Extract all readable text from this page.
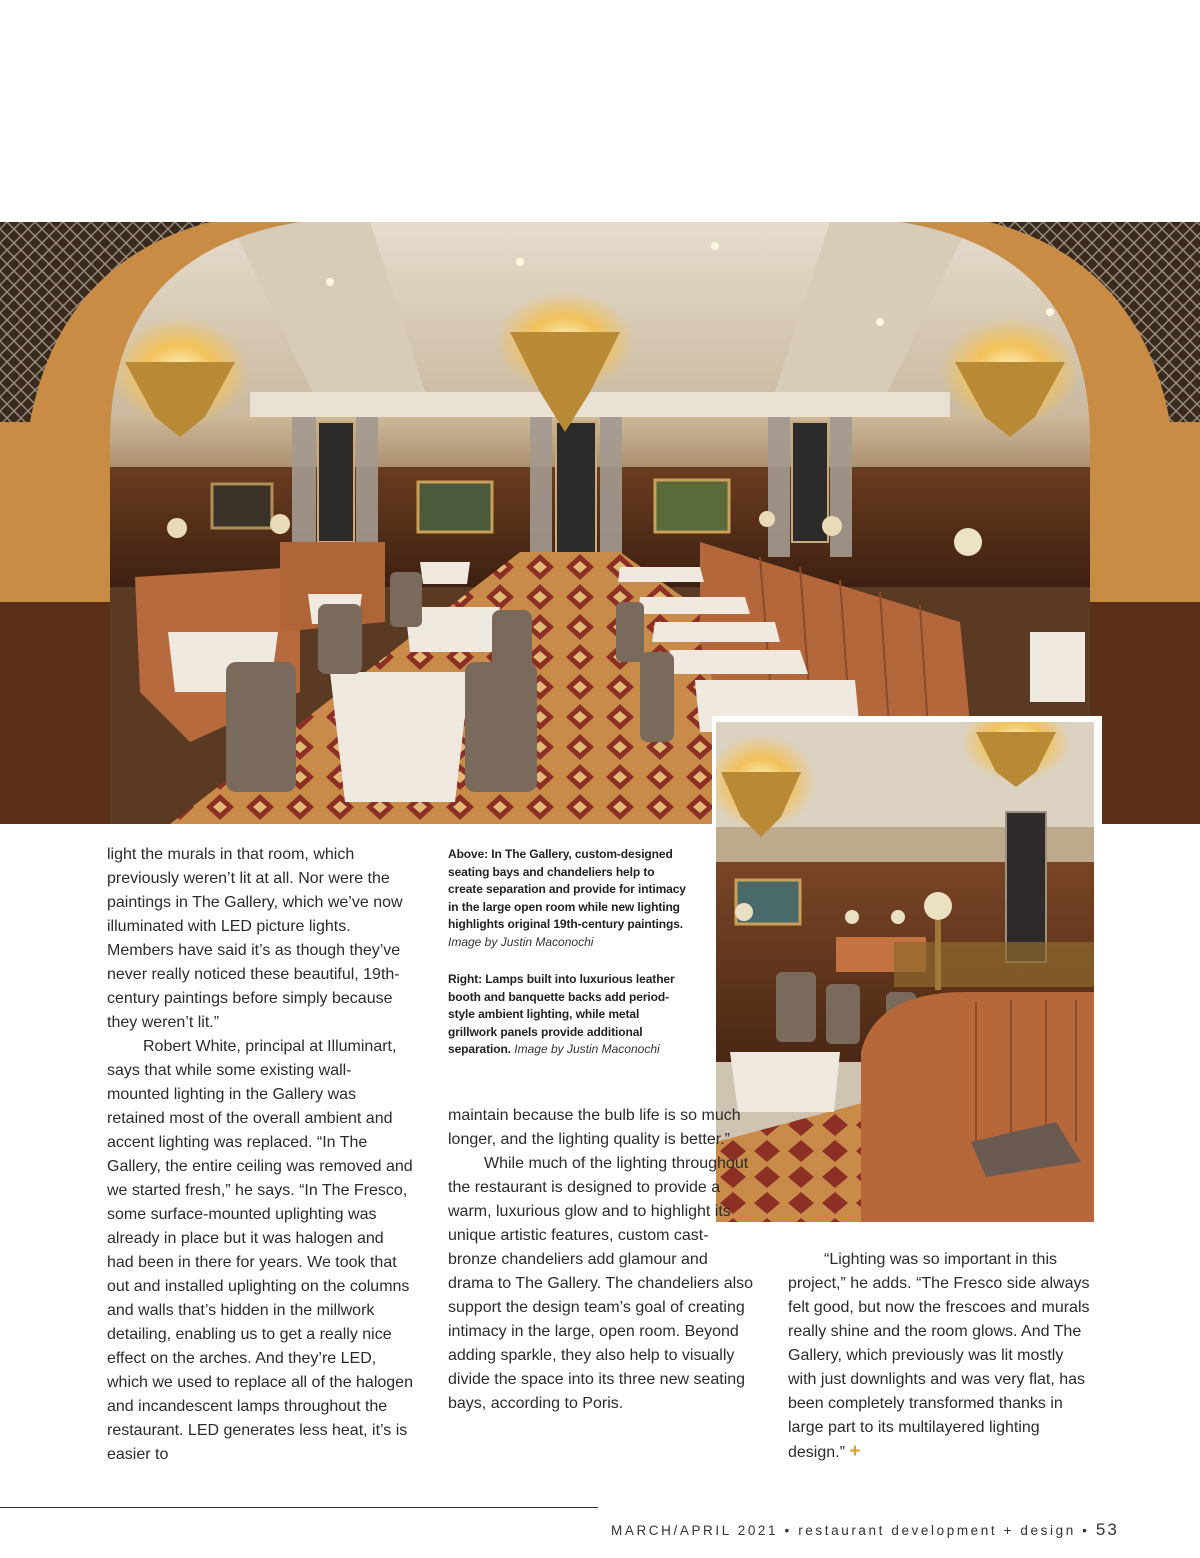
light the murals in that room, which previously weren’t lit at all. Nor were the paintings in The Gallery, which we’ve now illuminated with LED picture lights. Members have said it’s as though they’ve never really noticed these beautiful, 19th-century paintings before simply because they weren’t lit.”

Robert White, principal at Illuminart, says that while some existing wall-mounted lighting in the Gallery was retained most of the overall ambient and accent lighting was replaced. “In The Gallery, the entire ceiling was removed and we started fresh,” he says. “In The Fresco, some surface-mounted uplighting was already in place but it was halogen and had been in there for years. We took that out and installed uplighting on the columns and walls that’s hidden in the millwork detailing, enabling us to get a really nice effect on the arches. And they’re LED, which we used to replace all of the halogen and incandescent lamps throughout the restaurant. LED generates less heat, it’s is easier to

Above: In The Gallery, custom-designed seating bays and chandeliers help to create separation and provide for intimacy in the large open room while new lighting highlights original 19th-century paintings. Image by Justin Maconochi
Right: Lamps built into luxurious leather booth and banquette backs add period-style ambient lighting, while metal grillwork panels provide additional separation. Image by Justin Maconochi

maintain because the bulb life is so much longer, and the lighting quality is better.”

While much of the lighting throughout the restaurant is designed to provide a warm, luxurious glow and to highlight its unique artistic features, custom cast-bronze chandeliers add glamour and drama to The Gallery. The chandeliers also support the design team’s goal of creating intimacy in the large, open room. Beyond adding sparkle, they also help to visually divide the space into its three new seating bays, according to Poris.

“Lighting was so important in this project,” he adds. “The Fresco side always felt good, but now the frescoes and murals really shine and the room glows. And The Gallery, which previously was lit mostly with just downlights and was very flat, has been completely transformed thanks in large part to its multilayered lighting design.” +

MARCH/APRIL 2021 • restaurant development + design • 53
